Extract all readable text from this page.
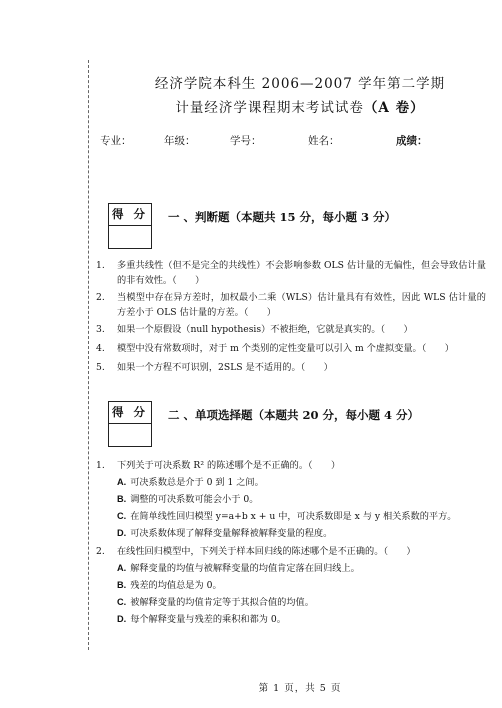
经济学院本科生 2006—2007 学年第二学期
计量经济学课程期末考试试卷（A 卷）
专业：	年级：	学号：	姓名：	成绩：
得 分 一 、判断题（本题共 15 分，每小题 3 分）
1. 多重共线性（但不是完全的共线性）不会影响参数 OLS 估计量的无偏性，但会导致估计量的非有效性。（　　）
2. 当模型中存在异方差时，加权最小二乘（WLS）估计量具有有效性，因此 WLS 估计量的方差小于 OLS 估计量的方差。（　　）
3. 如果一个原假设（null hypothesis）不被拒绝，它就是真实的。（　　）
4. 模型中没有常数项时，对于 m 个类别的定性变量可以引入 m 个虚拟变量。（　　）
5. 如果一个方程不可识别，2SLS 是不适用的。（　　）
得 分 二 、单项选择题（本题共 20 分，每小题 4 分）
1. 下列关于可决系数 R² 的陈述哪个是不正确的。（　　）
A. 可决系数总是介于 0 到 1 之间。
B. 调整的可决系数可能会小于 0。
C. 在简单线性回归模型 y=a+b x + u 中，可决系数即是 x 与 y 相关系数的平方。
D. 可决系数体现了解释变量解释被解释变量的程度。
2. 在线性回归模型中，下列关于样本回归线的陈述哪个是不正确的。（　　）
A. 解释变量的均值与被解释变量的均值肯定落在回归线上。
B. 残差的均值总是为 0。
C. 被解释变量的均值肯定等于其拟合值的均值。
D. 每个解释变量与残差的乘积和都为 0。
第 1 页，共 5 页
